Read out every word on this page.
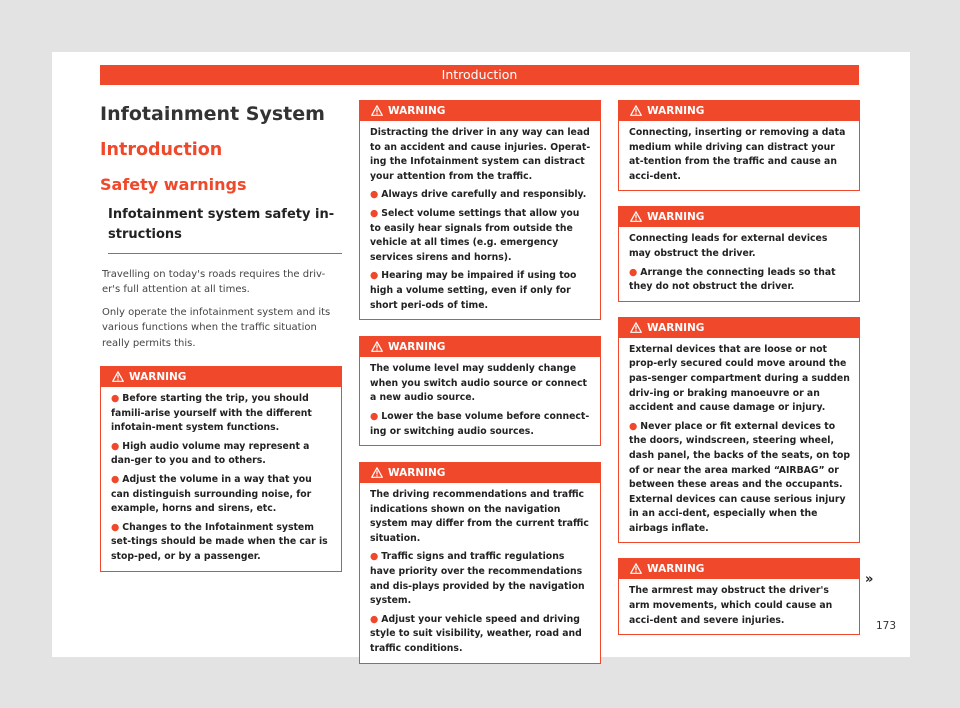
Introduction
Infotainment System
Introduction
Safety warnings
Infotainment system safety in-structions

Travelling on today's roads requires the driv-er's full attention at all times.

Only operate the infotainment system and its various functions when the traffic situation really permits this.

WARNING

● Before starting the trip, you should famili-arise yourself with the different infotain-ment system functions.

● High audio volume may represent a dan-ger to you and to others.

● Adjust the volume in a way that you can distinguish surrounding noise, for example, horns and sirens, etc.

● Changes to the Infotainment system set-tings should be made when the car is stop-ped, or by a passenger.

WARNING

Distracting the driver in any way can lead to an accident and cause injuries. Operat-ing the Infotainment system can distract your attention from the traffic.

● Always drive carefully and responsibly.

● Select volume settings that allow you to easily hear signals from outside the vehicle at all times (e.g. emergency services sirens and horns).

● Hearing may be impaired if using too high a volume setting, even if only for short peri-ods of time.

WARNING

The volume level may suddenly change when you switch audio source or connect a new audio source.

● Lower the base volume before connect-ing or switching audio sources.

WARNING

The driving recommendations and traffic indications shown on the navigation system may differ from the current traffic situation.

● Traffic signs and traffic regulations have priority over the recommendations and dis-plays provided by the navigation system.

● Adjust your vehicle speed and driving style to suit visibility, weather, road and traffic conditions.

WARNING

Connecting, inserting or removing a data medium while driving can distract your at-tention from the traffic and cause an acci-dent.

WARNING

Connecting leads for external devices may obstruct the driver.

● Arrange the connecting leads so that they do not obstruct the driver.

WARNING

External devices that are loose or not prop-erly secured could move around the pas-senger compartment during a sudden driv-ing or braking manoeuvre or an accident and cause damage or injury.

● Never place or fit external devices to the doors, windscreen, steering wheel, dash panel, the backs of the seats, on top of or near the area marked “AIRBAG” or between these areas and the occupants. External devices can cause serious injury in an acci-dent, especially when the airbags inflate.

WARNING

The armrest may obstruct the driver's arm movements, which could cause an acci-dent and severe injuries.

»
173
